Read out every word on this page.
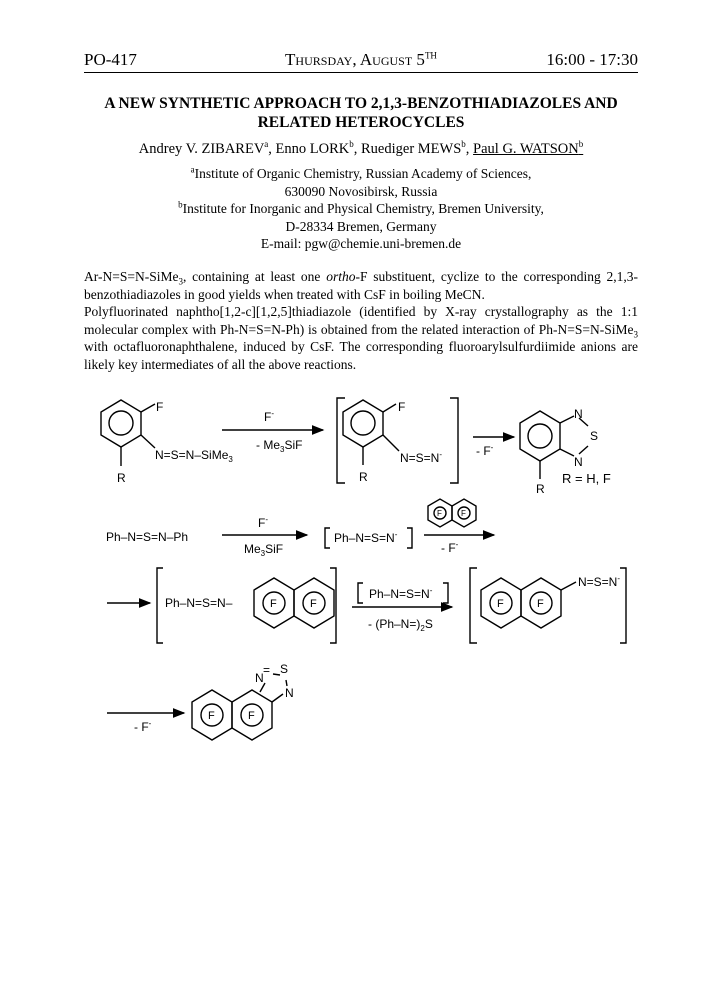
PO-417	Thursday, August 5TH	16:00 - 17:30
A NEW SYNTHETIC APPROACH TO 2,1,3-BENZOTHIADIAZOLES AND
RELATED HETEROCYCLES
Andrey V. ZIBAREV$^a$, Enno LORK$^b$, Ruediger MEWS$^b$, Paul G. WATSON$^b$
$^a$Institute of Organic Chemistry, Russian Academy of Sciences,
630090 Novosibirsk, Russia
$^b$Institute for Inorganic and Physical Chemistry, Bremen University,
D-28334 Bremen, Germany
E-mail: pgw@chemie.uni-bremen.de

Ar-N=S=N-SiMe$_3$, containing at least one ortho-F substituent, cyclize to the corresponding 2,1,3-benzothiadiazoles in good yields when treated with CsF in boiling MeCN.

Polyfluorinated naphtho[1,2-c][1,2,5]thiadiazole (identified by X-ray crystallography as the 1:1 molecular complex with Ph-N=S=N-Ph) is obtained from the related interaction of Ph-N=S=N-SiMe$_3$ with octafluoronaphthalene, induced by CsF. The corresponding fluoroarylsulfurdiimide anions are likely key intermediates of all the above reactions.

F
R
N=S=N–SiMe$_3$
F-
- $Me_3SiF$
F
R
N=S=N-	- F-
N
S
N
R
R = H, F
Ph–N=S=N–Ph
F-
$Me_3SiF$
Ph–N=S=N-
F F
- F-
Ph–N=S=N–	F	F
Ph–N=S=N-
- $(Ph-N=)_2S$
F	F
N=S=N-
- F-
N
= S
N
F	F
